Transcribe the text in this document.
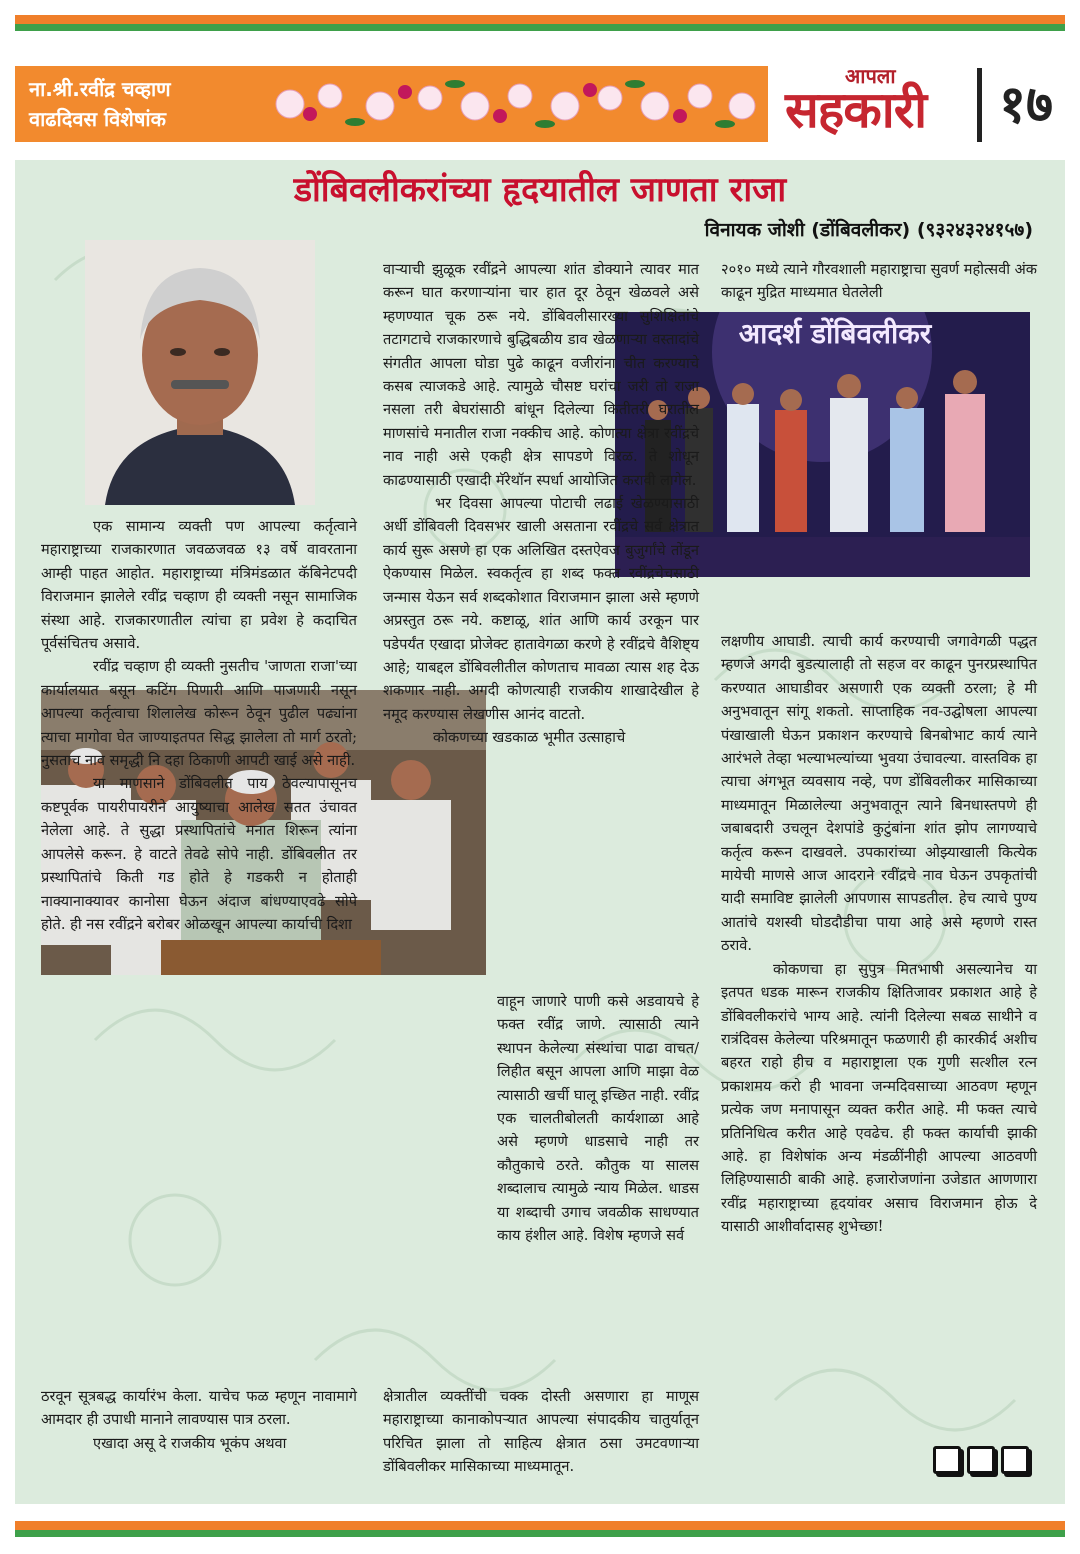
ना.श्री.रवींद्र चव्हाण
वाढदिवस विशेषांक
आपला
सहकारी	१७
डोंबिवलीकरांच्या हृदयातील जाणता राजा
विनायक जोशी (डोंबिवलीकर) (९३२४३२४१५७)
आदर्श डोंबिवलीकर

एक सामान्य व्यक्ती पण आपल्या कर्तृत्वाने महाराष्ट्राच्या राजकारणात जवळजवळ १३ वर्षे वावरताना आम्ही पाहत आहोत. महाराष्ट्राच्या मंत्रिमंडळात कॅबिनेटपदी विराजमान झालेले रवींद्र चव्हाण ही व्यक्ती नसून सामाजिक संस्था आहे. राजकारणातील त्यांचा हा प्रवेश हे कदाचित पूर्वसंचितच असावे.

रवींद्र चव्हाण ही व्यक्ती नुसतीच 'जाणता राजा'च्या कार्यालयात बसून कटिंग पिणारी आणि पाजणारी नसून आपल्या कर्तृत्वाचा शिलालेख कोरून ठेवून पुढील पढ्यांना त्याचा मागोवा घेत जाण्याइतपत सिद्ध झालेला तो मार्ग ठरतो; नुसताच नाव समृद्धी नि दहा ठिकाणी आपटी खाई असे नाही.

या माणसाने डोंबिवलीत पाय ठेवल्यापासूनच कष्टपूर्वक पायरीपायरीने आयुष्याचा आलेख सतत उंचावत नेलेला आहे. ते सुद्धा प्रस्थापितांचे मनात शिरून त्यांना आपलेसे करून. हे वाटते तेवढे सोपे नाही. डोंबिवलीत तर प्रस्थापितांचे किती गड होते हे गडकरी न होताही नाक्यानाक्यावर कानोसा घेऊन अंदाज बांधण्याएवढे सोपे होते. ही नस रवींद्रने बरोबर ओळखून आपल्या कार्याची दिशा

ठरवून सूत्रबद्ध कार्यारंभ केला. याचेच फळ म्हणून नावामागे आमदार ही उपाधी मानाने लावण्यास पात्र ठरला.

एखादा असू दे राजकीय भूकंप अथवा

वाऱ्याची झुळूक रवींद्रने आपल्या शांत डोक्याने त्यावर मात करून घात करणाऱ्यांना चार हात दूर ठेवून खेळवले असे म्हणण्यात चूक ठरू नये. डोंबिवलीसारख्या सुशिक्षितांचे तटागटाचे राजकारणाचे बुद्धिबळीय डाव खेळणाऱ्या वस्तादांचे संगतीत आपला घोडा पुढे काढून वजीरांना चीत करण्याचे कसब त्याजकडे आहे. त्यामुळे चौसष्ट घरांचा जरी तो राजा नसला तरी बेघरांसाठी बांधून दिलेल्या कितीतरी घरातील माणसांचे मनातील राजा नक्कीच आहे. कोणत्या क्षेत्रा रवींद्रचे नाव नाही असे एकही क्षेत्र सापडणे विरळ. ते शोधून काढण्यासाठी एखादी मॅरेथॉन स्पर्धा आयोजित करावी लागेल.

भर दिवसा आपल्या पोटाची लढाई खेळण्यासाठी अर्धी डोंबिवली दिवसभर खाली असताना रवींद्रचे सर्व क्षेत्रात कार्य सुरू असणे हा एक अलिखित दस्तऐवज बुजुर्गांचे तोंडून ऐकण्यास मिळेल. स्वकर्तृत्व हा शब्द फक्त रवींद्रचेचसाठी जन्मास येऊन सर्व शब्दकोशात विराजमान झाला असे म्हणणे अप्रस्तुत ठरू नये. कष्टाळू, शांत आणि कार्य उरकून पार पडेपर्यंत एखादा प्रोजेक्ट हातावेगळा करणे हे रवींद्रचे वैशिष्ट्य आहे; याबद्दल डोंबिवलीतील कोणताच मावळा त्यास शह देऊ शकणार नाही. अगदी कोणत्याही राजकीय शाखादेखील हे नमूद करण्यास लेखणीस आनंद वाटतो.

कोकणच्या खडकाळ भूमीत उत्साहाचे

वाहून जाणारे पाणी कसे अडवायचे हे फक्त रवींद्र जाणे. त्यासाठी त्याने स्थापन केलेल्या संस्थांचा पाढा वाचत/लिहीत बसून आपला आणि माझा वेळ त्यासाठी खर्ची घालू इच्छित नाही. रवींद्र एक चालतीबोलती कार्यशाळा आहे असे म्हणणे धाडसाचे नाही तर कौतुकाचे ठरते. कौतुक या सालस शब्दालाच त्यामुळे न्याय मिळेल. धाडस या शब्दाची उगाच जवळीक साधण्यात काय हंशील आहे. विशेष म्हणजे सर्व

क्षेत्रातील व्यक्तींची चक्क दोस्ती असणारा हा माणूस महाराष्ट्राच्या कानाकोपऱ्यात आपल्या संपादकीय चातुर्यातून परिचित झाला तो साहित्य क्षेत्रात ठसा उमटवणाऱ्या डोंबिवलीकर मासिकाच्या माध्यमातून.

२०१० मध्ये त्याने गौरवशाली महाराष्ट्राचा सुवर्ण महोत्सवी अंक काढून मुद्रित माध्यमात घेतलेली

लक्षणीय आघाडी. त्याची कार्य करण्याची जगावेगळी पद्धत म्हणजे अगदी बुडत्यालाही तो सहज वर काढून पुनरप्रस्थापित करण्यात आघाडीवर असणारी एक व्यक्ती ठरला; हे मी अनुभवातून सांगू शकतो. साप्ताहिक नव-उद्घोषला आपल्या पंखाखाली घेऊन प्रकाशन करण्याचे बिनबोभाट कार्य त्याने आरंभले तेव्हा भल्याभल्यांच्या भुवया उंचावल्या. वास्तविक हा त्याचा अंगभूत व्यवसाय नव्हे, पण डोंबिवलीकर मासिकाच्या माध्यमातून मिळालेल्या अनुभवातून त्याने बिनधास्तपणे ही जबाबदारी उचलून देशपांडे कुटुंबांना शांत झोप लागण्याचे कर्तृत्व करून दाखवले. उपकारांच्या ओझ्याखाली कित्येक मायेची माणसे आज आदराने रवींद्रचे नाव घेऊन उपकृतांची यादी समाविष्ट झालेली आपणास सापडतील. हेच त्याचे पुण्य आतांचे यशस्वी घोडदौडीचा पाया आहे असे म्हणणे रास्त ठरावे.

कोकणचा हा सुपुत्र मितभाषी असल्यानेच या इतपत धडक मारून राजकीय क्षितिजावर प्रकाशत आहे हे डोंबिवलीकरांचे भाग्य आहे. त्यांनी दिलेल्या सबळ साथीने व रात्रंदिवस केलेल्या परिश्रमातून फळणारी ही कारकीर्द अशीच बहरत राहो हीच व महाराष्ट्राला एक गुणी सत्शील रत्न प्रकाशमय करो ही भावना जन्मदिवसाच्या आठवण म्हणून प्रत्येक जण मनापासून व्यक्त करीत आहे. मी फक्त त्याचे प्रतिनिधित्व करीत आहे एवढेच. ही फक्त कार्याची झाकी आहे. हा विशेषांक अन्य मंडळींनीही आपल्या आठवणी लिहिण्यासाठी बाकी आहे. हजारोजणांना उजेडात आणणारा रवींद्र महाराष्ट्राच्या हृदयांवर असाच विराजमान होऊ दे यासाठी आशीर्वादासह शुभेच्छा!
